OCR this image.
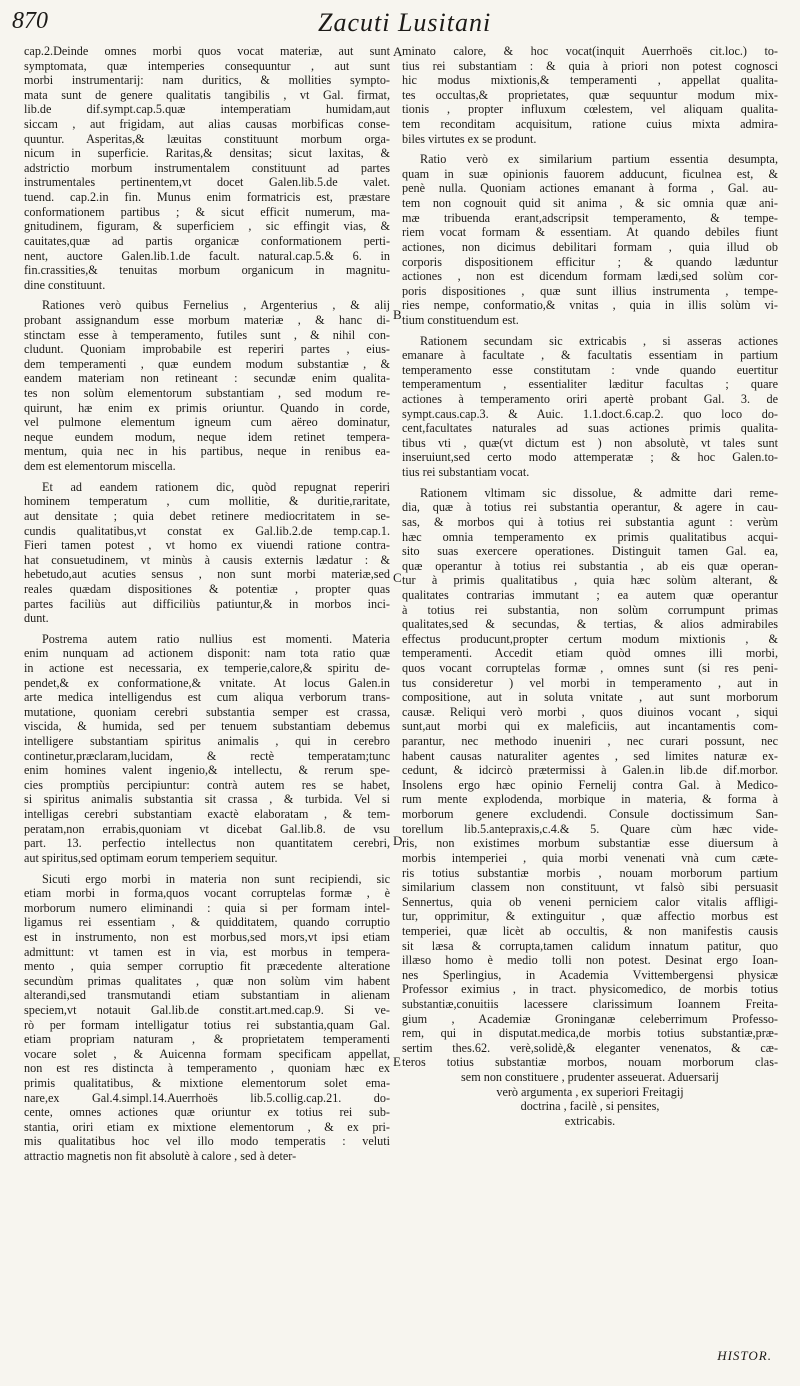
870	Zacuti Lusitani
cap.2.Deinde omnes morbi quos vocat materiæ, aut sunt
symptomata, quæ intemperies consequuntur , aut sunt
morbi instrumentarij: nam duritics, & mollities sympto-
mata sunt de genere qualitatis tangibilis , vt Gal. firmat,
lib.de dif.sympt.cap.5.quæ intemperatiam humidam,aut
siccam , aut frigidam, aut alias causas morbificas conse-
quuntur. Asperitas,& læuitas constituunt morbum orga-
nicum in superficie. Raritas,& densitas; sicut laxitas, &
adstrictio morbum instrumentalem constituunt ad partes
instrumentales pertinentem,vt docet Galen.lib.5.de valet.
tuend. cap.2.in fin. Munus enim formatricis est, præstare
conformationem partibus ; & sicut efficit numerum, ma-
gnitudinem, figuram, & superficiem , sic effingit vias, &
cauitates,quæ ad partis organicæ conformationem perti-
nent, auctore Galen.lib.1.de facult. natural.cap.5.& 6. in
fin.crassities,& tenuitas morbum organicum in magnitu-
dine constituunt.
Rationes verò quibus Fernelius , Argenterius , & alij
probant assignandum esse morbum materiæ , & hanc di-
stinctam esse à temperamento, futiles sunt , & nihil con-
cludunt. Quoniam improbabile est reperiri partes , eius-
dem temperamenti , quæ eundem modum substantiæ , &
eandem materiam non retineant : secundæ enim qualita-
tes non solùm elementorum substantiam , sed modum re-
quirunt, hæ enim ex primis oriuntur. Quando in corde,
vel pulmone elementum igneum cum aëreo dominatur,
neque eundem modum, neque idem retinet tempera-
mentum, quia nec in his partibus, neque in renibus ea-
dem est elementorum miscella.
Et ad eandem rationem dic, quòd repugnat reperiri
hominem temperatum , cum mollitie, & duritie,raritate,
aut densitate ; quia debet retinere mediocritatem in se-
cundis qualitatibus,vt constat ex Gal.lib.2.de temp.cap.1.
Fieri tamen potest , vt homo ex viuendi ratione contra-
hat consuetudinem, vt minùs à causis externis lædatur : &
hebetudo,aut acuties sensus , non sunt morbi materiæ,sed
reales quædam dispositiones & potentiæ , propter quas
partes faciliùs aut difficiliùs patiuntur,& in morbos inci-
dunt.
Postrema autem ratio nullius est momenti. Materia
enim nunquam ad actionem disponit: nam tota ratio quæ
in actione est necessaria, ex temperie,calore,& spiritu de-
pendet,& ex conformatione,& vnitate. At locus Galen.in
arte medica intelligendus est cum aliqua verborum trans-
mutatione, quoniam cerebri substantia semper est crassa,
viscida, & humida, sed per tenuem substantiam debemus
intelligere substantiam spiritus animalis , qui in cerebro
continetur,præclaram,lucidam, & rectè temperatam;tunc
enim homines valent ingenio,& intellectu, & rerum spe-
cies promptiùs percipiuntur: contrà autem res se habet,
si spiritus animalis substantia sit crassa , & turbida. Vel si
intelligas cerebri substantiam exactè elaboratam , & tem-
peratam,non errabis,quoniam vt dicebat Gal.lib.8. de vsu
part. 13. perfectio intellectus non quantitatem cerebri,
aut spiritus,sed optimam eorum temperiem sequitur.
Sicuti ergo morbi in materia non sunt recipiendi, sic
etiam morbi in forma,quos vocant corruptelas formæ , è
morborum numero eliminandi : quia si per formam intel-
ligamus rei essentiam , & quidditatem, quando corruptio
est in instrumento, non est morbus,sed mors,vt ipsi etiam
admittunt: vt tamen est in via, est morbus in tempera-
mento , quia semper corruptio fit præcedente alteratione
secundùm primas qualitates , quæ non solùm vim habent
alterandi,sed transmutandi etiam substantiam in alienam
speciem,vt notauit Gal.lib.de constit.art.med.cap.9. Si ve-
rò per formam intelligatur totius rei substantia,quam Gal.
etiam propriam naturam , & proprietatem temperamenti
vocare solet , & Auicenna formam specificam appellat,
non est res distincta à temperamento , quoniam hæc ex
primis qualitatibus, & mixtione elementorum solet ema-
nare,ex Gal.4.simpl.14.Auerrhoës lib.5.collig.cap.21. do-
cente, omnes actiones quæ oriuntur ex totius rei sub-
stantia, oriri etiam ex mixtione elementorum , & ex pri-
mis qualitatibus hoc vel illo modo temperatis : veluti
attractio magnetis non fit absolutè à calore , sed à deter-
minato calore, & hoc vocat(inquit Auerrhoës cit.loc.) to-
tius rei substantiam : & quia à priori non potest cognosci
hic modus mixtionis,& temperamenti , appellat qualita-
tes occultas,& proprietates, quæ sequuntur modum mix-
tionis , propter influxum cœlestem, vel aliquam qualita-
tem reconditam acquisitum, ratione cuius mixta admira-
biles virtutes ex se produnt.
Ratio verò ex similarium partium essentia desumpta,
quam in suæ opinionis fauorem adducunt, ficulnea est, &
penè nulla. Quoniam actiones emanant à forma , Gal. au-
tem non cognouit quid sit anima , & sic omnia quæ ani-
mæ tribuenda erant,adscripsit temperamento, & tempe-
riem vocat formam & essentiam. At quando debiles fiunt
actiones, non dicimus debilitari formam , quia illud ob
corporis dispositionem efficitur ; & quando læduntur
actiones , non est dicendum formam lædi,sed solùm cor-
poris dispositiones , quæ sunt illius instrumenta , tempe-
ries nempe, conformatio,& vnitas , quia in illis solùm vi-
tium constituendum est.
Rationem secundam sic extricabis , si asseras actiones
emanare à facultate , & facultatis essentiam in partium
temperamento esse constitutam : vnde quando euertitur
temperamentum , essentialiter læditur facultas ; quare
actiones à temperamento oriri apertè probant Gal. 3. de
sympt.caus.cap.3. & Auic. 1.1.doct.6.cap.2. quo loco do-
cent,facultates naturales ad suas actiones primis qualita-
tibus vti , quæ(vt dictum est ) non absolutè, vt tales sunt
inseruiunt,sed certo modo attemperatæ ; & hoc Galen.to-
tius rei substantiam vocat.
Rationem vltimam sic dissolue, & admitte dari reme-
dia, quæ à totius rei substantia operantur, & agere in cau-
sas, & morbos qui à totius rei substantia agunt : verùm
hæc omnia temperamento ex primis qualitatibus acqui-
sito suas exercere operationes. Distinguit tamen Gal. ea,
quæ operantur à totius rei substantia , ab eis quæ operan-
tur à primis qualitatibus , quia hæc solùm alterant, &
qualitates contrarias immutant ; ea autem quæ operantur
à totius rei substantia, non solùm corrumpunt primas
qualitates,sed & secundas, & tertias, & alios admirabiles
effectus producunt,propter certum modum mixtionis , &
temperamenti. Accedit etiam quòd omnes illi morbi,
quos vocant corruptelas formæ , omnes sunt (si res peni-
tus consideretur ) vel morbi in temperamento , aut in
compositione, aut in soluta vnitate , aut sunt morborum
causæ. Reliqui verò morbi , quos diuinos vocant , siqui
sunt,aut morbi qui ex maleficiis, aut incantamentis com-
parantur, nec methodo inueniri , nec curari possunt, nec
habent causas naturaliter agentes , sed limites naturæ ex-
cedunt, & idcircò prætermissi à Galen.in lib.de dif.morbor.
Insolens ergo hæc opinio Fernelij contra Gal. à Medico-
rum mente explodenda, morbique in materia, & forma à
morborum genere excludendi. Consule doctissimum San-
torellum lib.5.antepraxis,c.4.& 5. Quare cùm hæc vide-
ris, non existimes morbum substantiæ esse diuersum à
morbis intemperiei , quia morbi venenati vnà cum cæte-
ris totius substantiæ morbis , nouam morborum partium
similarium classem non constituunt, vt falsò sibi persuasit
Sennertus, quia ob veneni perniciem calor vitalis affligi-
tur, opprimitur, & extinguitur , quæ affectio morbus est
temperiei, quæ licèt ab occultis, & non manifestis causis
sit læsa & corrupta,tamen calidum innatum patitur, quo
illæso homo è medio tolli non potest. Desinat ergo Ioan-
nes Sperlingius, in Academia Vvittembergensi physicæ
Professor eximius , in tract. physicomedico, de morbis totius
substantiæ,conuitiis lacessere clarissimum Ioannem Freita-
gium , Academiæ Groninganæ celeberrimum Professo-
rem, qui in disputat.medica,de morbis totius substantiæ,præ-
sertim thes.62. verè,solidè,& eleganter venenatos, & cæ-
teros totius substantiæ morbos, nouam morborum clas-
sem non constituere , prudenter asseuerat. Aduersarij
verò argumenta , ex superiori Freitagij
doctrina , facilè , si pensites,
extricabis.
A
B
C
D
E
HISTOR.
